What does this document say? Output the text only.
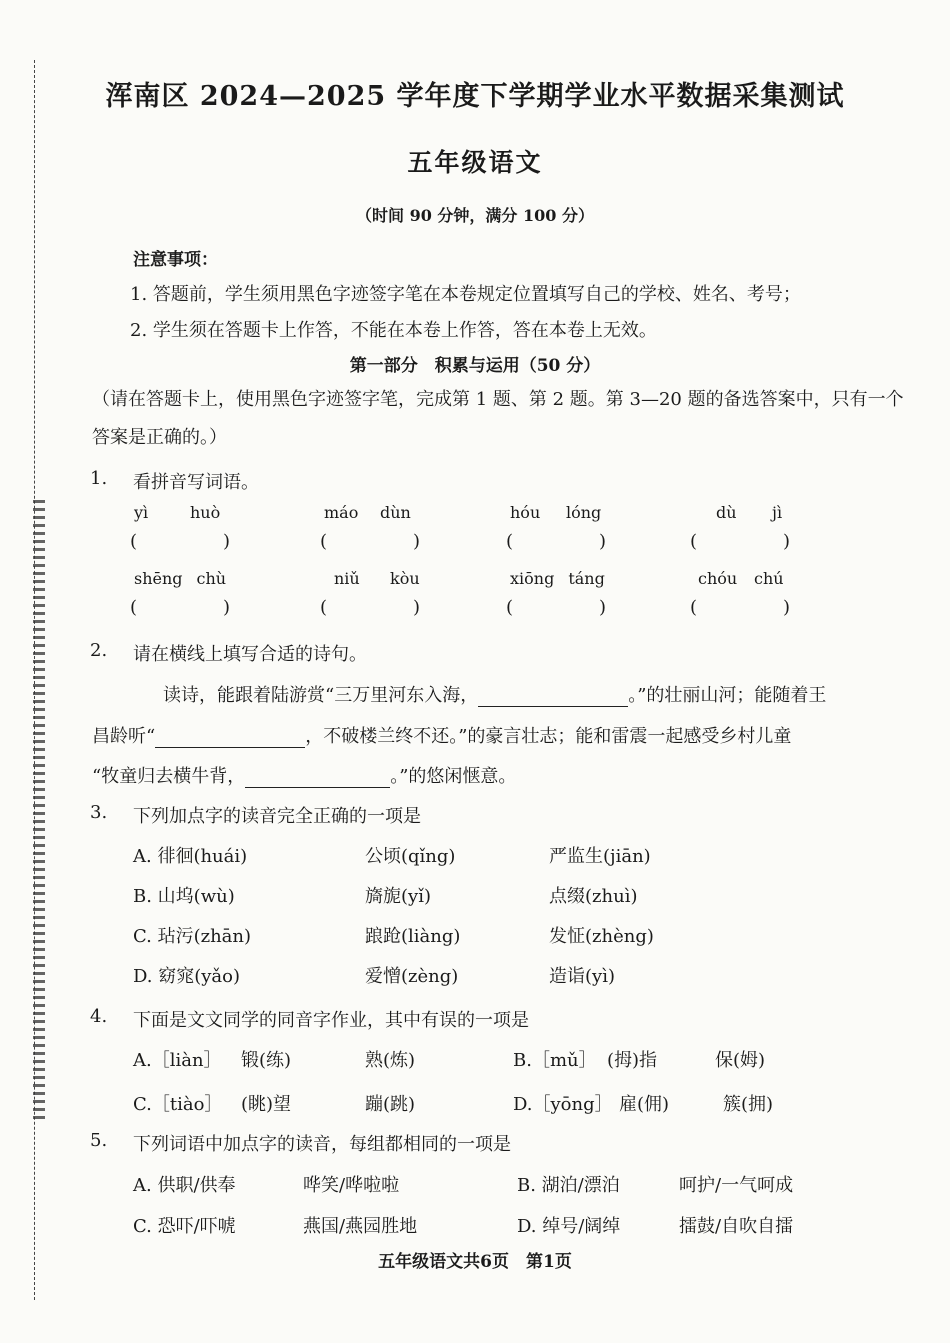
浑南区 2024—2025 学年度下学期学业水平数据采集测试
五年级语文
（时间 90 分钟，满分 100 分）
注意事项：
1. 答题前，学生须用黑色字迹签字笔在本卷规定位置填写自己的学校、姓名、考号；
2. 学生须在答题卡上作答，不能在本卷上作答，答在本卷上无效。
第一部分　积累与运用（50 分）
（请在答题卡上，使用黑色字迹签字笔，完成第 1 题、第 2 题。第 3—20 题的备选答案中，只有一个答案是正确的。）
1. 看拼音写词语。
yì	huò
(	)
máo dùn
(	)
hóu lóng
(	)
dù jì
(	)
shēng chù
(	)
niǔ kòu
(	)
xiōng táng
(	)
chóu chú
(	)
2. 请在横线上填写合适的诗句。
读诗，能跟着陆游赏“三万里河东入海，	。”的壮丽山河；能随着王
昌龄听“	，不破楼兰终不还。”的豪言壮志；能和雷震一起感受乡村儿童
“牧童归去横牛背，	。”的悠闲惬意。
3. 下列加点字的读音完全正确的一项是
A. 徘徊(huái)	公顷(qǐng)	严监生(jiān)
B. 山坞(wù)	旖旎(yǐ)	点缀(zhuì)
C. 玷污(zhān)	踉跄(liàng)	发怔(zhèng)
D. 窈窕(yǎo)	爱憎(zèng)	造诣(yì)
4. 下面是文文同学的同音字作业，其中有误的一项是
A.［liàn］ 锻(练)	熟(炼)	B.［mǔ］ (拇)指	保(姆)
C.［tiào］ (眺)望	蹦(跳)	D.［yōng］ 雇(佣)	簇(拥)
5. 下列词语中加点字的读音，每组都相同的一项是
A. 供职/供奉	哗笑/哗啦啦	B. 湖泊/漂泊	呵护/一气呵成
C. 恐吓/吓唬	燕国/燕园胜地	D. 绰号/阔绰	擂鼓/自吹自擂
五年级语文共6页　第1页
